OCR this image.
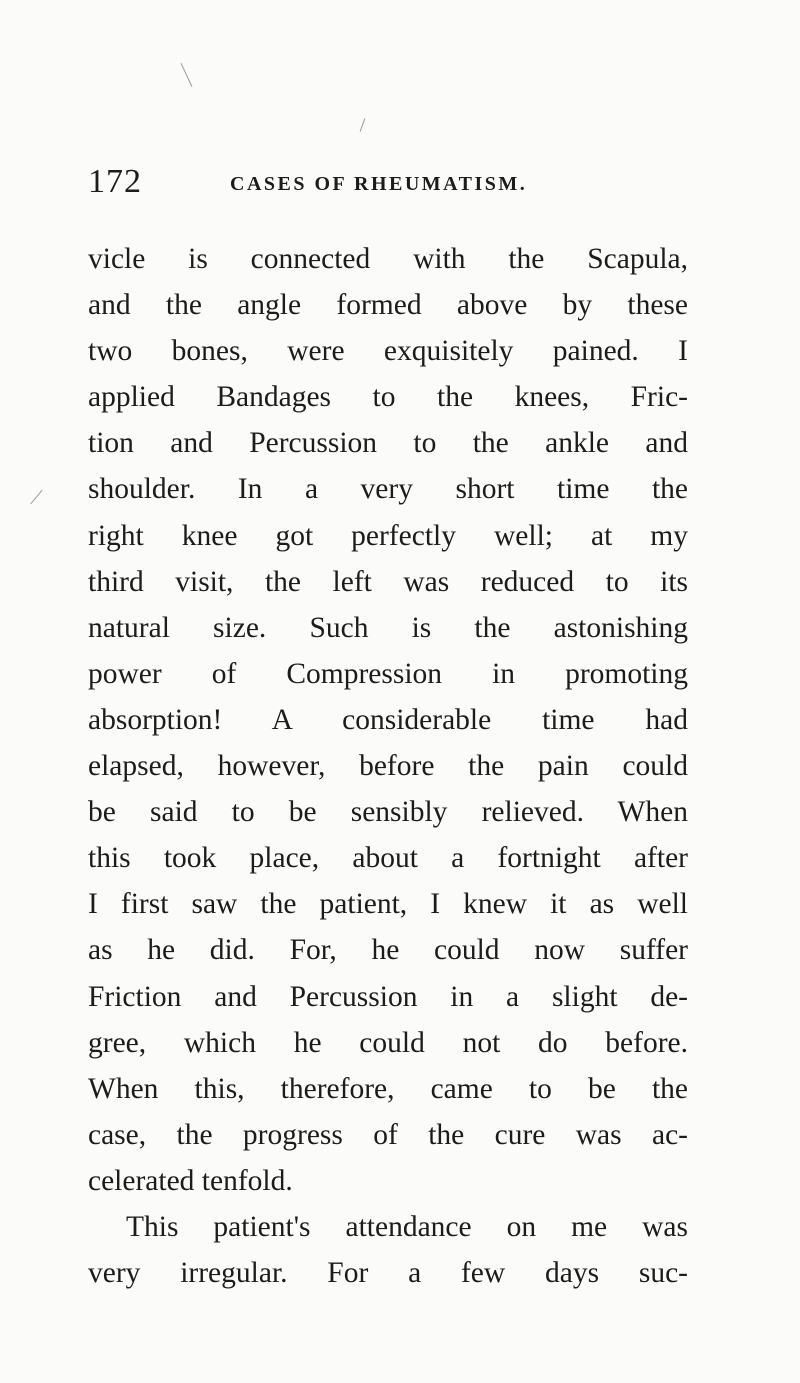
172	CASES OF RHEUMATISM.
vicle is connected with the Scapula,
and the angle formed above by these
two bones, were exquisitely pained. I
applied Bandages to the knees, Fric-
tion and Percussion to the ankle and
shoulder. In a very short time the
right knee got perfectly well; at my
third visit, the left was reduced to its
natural size. Such is the astonishing
power of Compression in promoting
absorption! A considerable time had
elapsed, however, before the pain could
be said to be sensibly relieved. When
this took place, about a fortnight after
I first saw the patient, I knew it as well
as he did. For, he could now suffer
Friction and Percussion in a slight de-
gree, which he could not do before.
When this, therefore, came to be the
case, the progress of the cure was ac-
celerated tenfold.
This patient's attendance on me was
very irregular. For a few days suc-
